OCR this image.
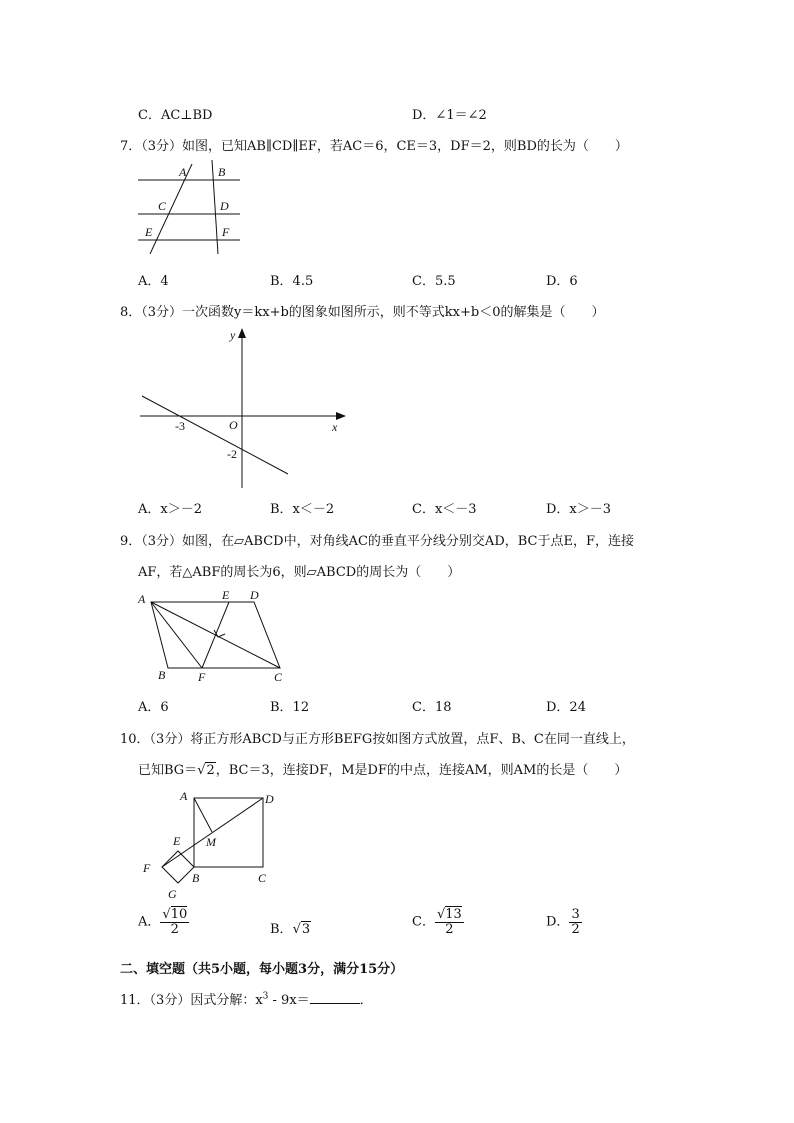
C．AC⊥BD	D．∠1＝∠2
7．（3分）如图，已知AB∥CD∥EF，若AC＝6，CE＝3，DF＝2，则BD的长为（　　）
A	B
C	D
E	F
A．4	B．4.5	C．5.5	D．6
8．（3分）一次函数y＝kx+b的图象如图所示，则不等式kx+b＜0的解集是（　　）
y
x
O
-3
-2
A．x＞－2	B．x＜－2	C．x＜－3	D．x＞－3
9．（3分）如图，在▱ABCD中，对角线AC的垂直平分线分别交AD，BC于点E，F，连接
AF，若△ABF的周长为6，则▱ABCD的周长为（　　）
A	E D
B	F	C
A．6	B．12	C．18	D．24
10．（3分）将正方形ABCD与正方形BEFG按如图方式放置，点F、B、C在同一直线上，
已知BG＝√2，BC＝3，连接DF，M是DF的中点，连接AM，则AM的长是（　　）
A	D
E M
F
B	C
G
A． $\frac{√10}{2}$	B．√3	C． $\frac{√13}{2}$	D． $\frac{3}{2}$
二、填空题（共5小题，每小题3分，满分15分）
11．（3分）因式分解：$x^3 - 9x=$	．
